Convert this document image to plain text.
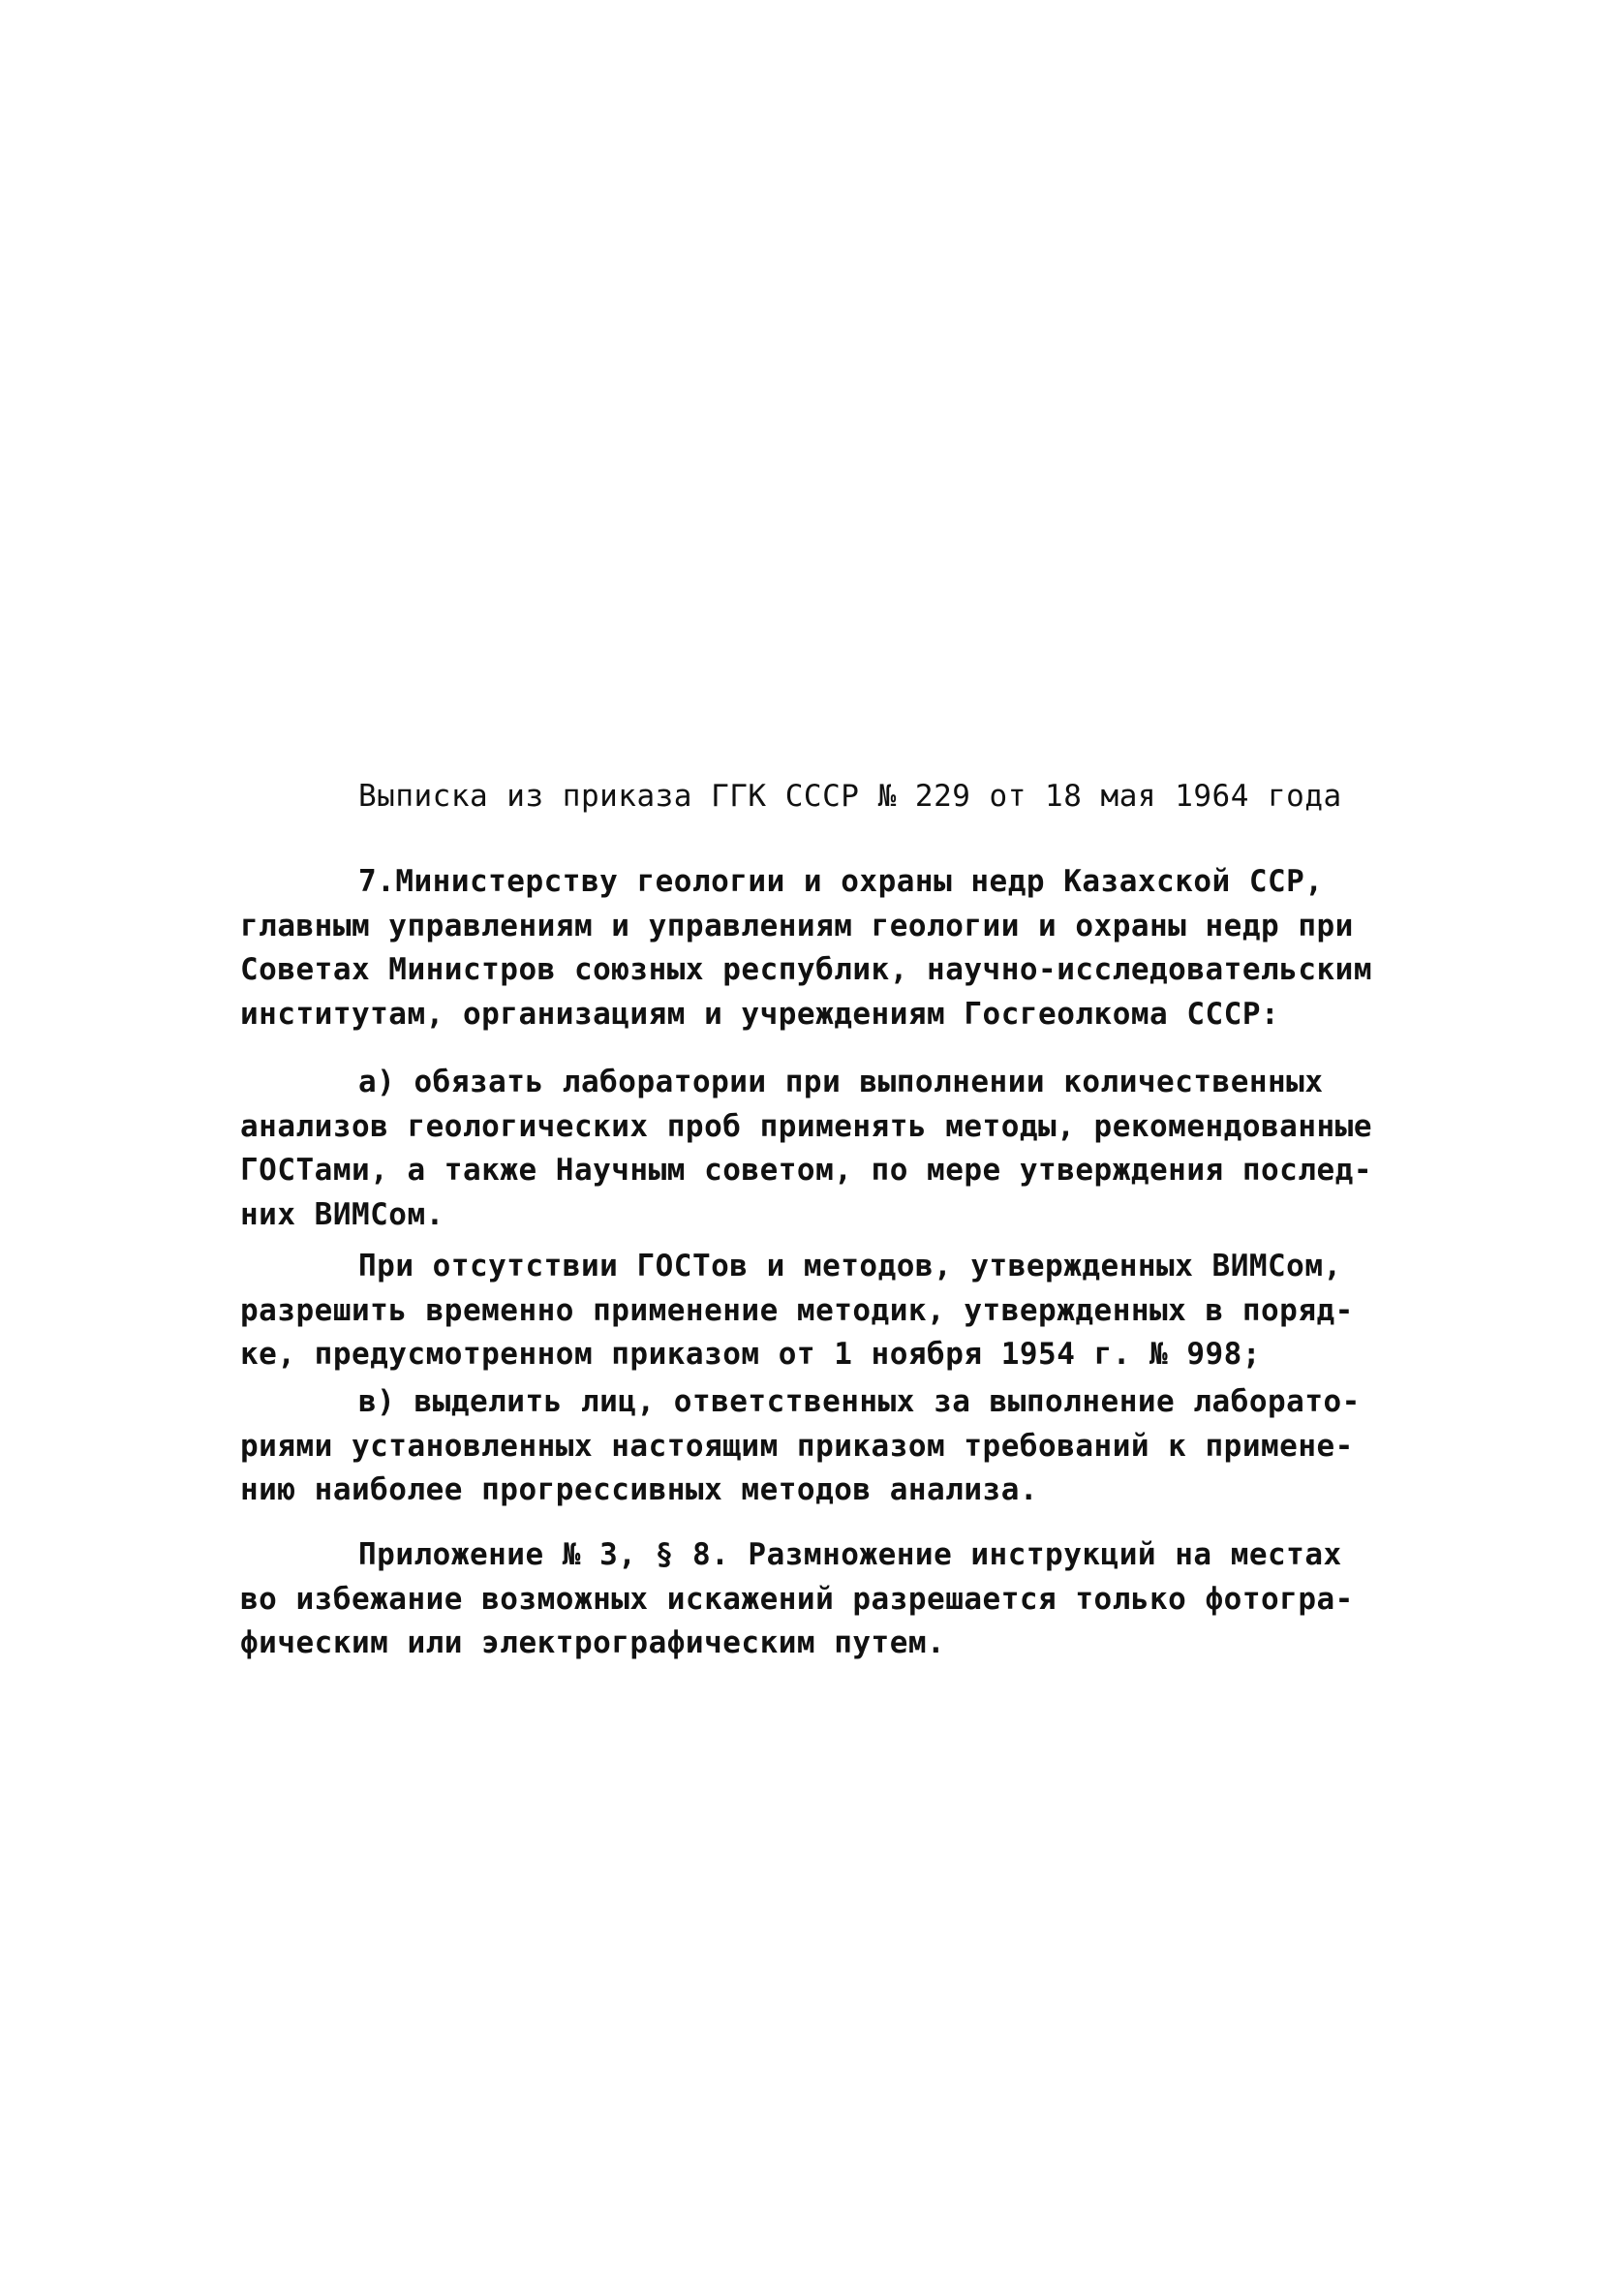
Выписка из приказа ГГК СССР № 229 от 18 мая 1964 года
7.Министерству геологии и охраны недр Казахской ССР,
главным управлениям и управлениям геологии и охраны недр при
Советах Министров союзных республик, научно-исследовательским
институтам, организациям и учреждениям Госгеолкома СССР:
а) обязать лаборатории при выполнении количественных
анализов геологических проб применять методы, рекомендованные
ГОСТами, а также Научным советом, по мере утверждения послед-
них ВИМСом.
При отсутствии ГОСТов и методов, утвержденных ВИМСом,
разрешить временно применение методик, утвержденных в поряд-
ке, предусмотренном приказом от 1 ноября 1954 г. № 998;
в) выделить лиц, ответственных за выполнение лаборато-
риями установленных настоящим приказом требований к примене-
нию наиболее прогрессивных методов анализа.
Приложение № 3, § 8. Размножение инструкций на местах
во избежание возможных искажений разрешается только фотогра-
фическим или электрографическим путем.
